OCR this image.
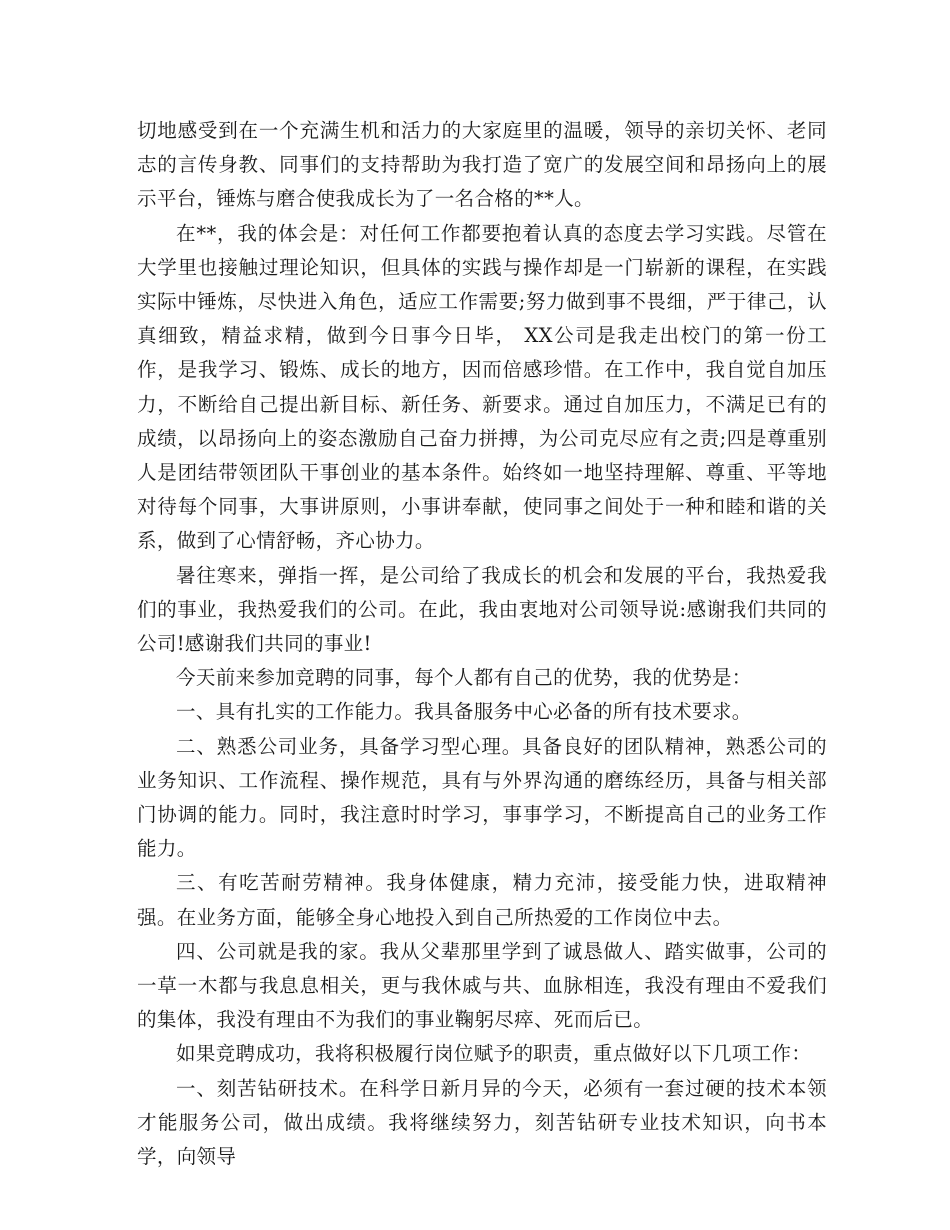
切地感受到在一个充满生机和活力的大家庭里的温暖，领导的亲切关怀、老同志的言传身教、同事们的支持帮助为我打造了宽广的发展空间和昂扬向上的展示平台，锤炼与磨合使我成长为了一名合格的**人。

在**，我的体会是：对任何工作都要抱着认真的态度去学习实践。尽管在大学里也接触过理论知识，但具体的实践与操作却是一门崭新的课程，在实践实际中锤炼，尽快进入角色，适应工作需要;努力做到事不畏细，严于律己，认真细致，精益求精，做到今日事今日毕， XX公司是我走出校门的第一份工作，是我学习、锻炼、成长的地方，因而倍感珍惜。在工作中，我自觉自加压力，不断给自己提出新目标、新任务、新要求。通过自加压力，不满足已有的成绩，以昂扬向上的姿态激励自己奋力拼搏，为公司克尽应有之责;四是尊重别人是团结带领团队干事创业的基本条件。始终如一地坚持理解、尊重、平等地对待每个同事，大事讲原则，小事讲奉献，使同事之间处于一种和睦和谐的关系，做到了心情舒畅，齐心协力。

暑往寒来，弹指一挥，是公司给了我成长的机会和发展的平台，我热爱我们的事业，我热爱我们的公司。在此，我由衷地对公司领导说:感谢我们共同的公司!感谢我们共同的事业!

今天前来参加竞聘的同事，每个人都有自己的优势，我的优势是：

一、具有扎实的工作能力。我具备服务中心必备的所有技术要求。

二、熟悉公司业务，具备学习型心理。具备良好的团队精神，熟悉公司的业务知识、工作流程、操作规范，具有与外界沟通的磨练经历，具备与相关部门协调的能力。同时，我注意时时学习，事事学习，不断提高自己的业务工作能力。

三、有吃苦耐劳精神。我身体健康，精力充沛，接受能力快，进取精神强。在业务方面，能够全身心地投入到自己所热爱的工作岗位中去。

四、公司就是我的家。我从父辈那里学到了诚恳做人、踏实做事，公司的一草一木都与我息息相关，更与我休戚与共、血脉相连，我没有理由不爱我们的集体，我没有理由不为我们的事业鞠躬尽瘁、死而后已。

如果竞聘成功，我将积极履行岗位赋予的职责，重点做好以下几项工作：

一、刻苦钻研技术。在科学日新月异的今天，必须有一套过硬的技术本领才能服务公司，做出成绩。我将继续努力，刻苦钻研专业技术知识，向书本学，向领导
